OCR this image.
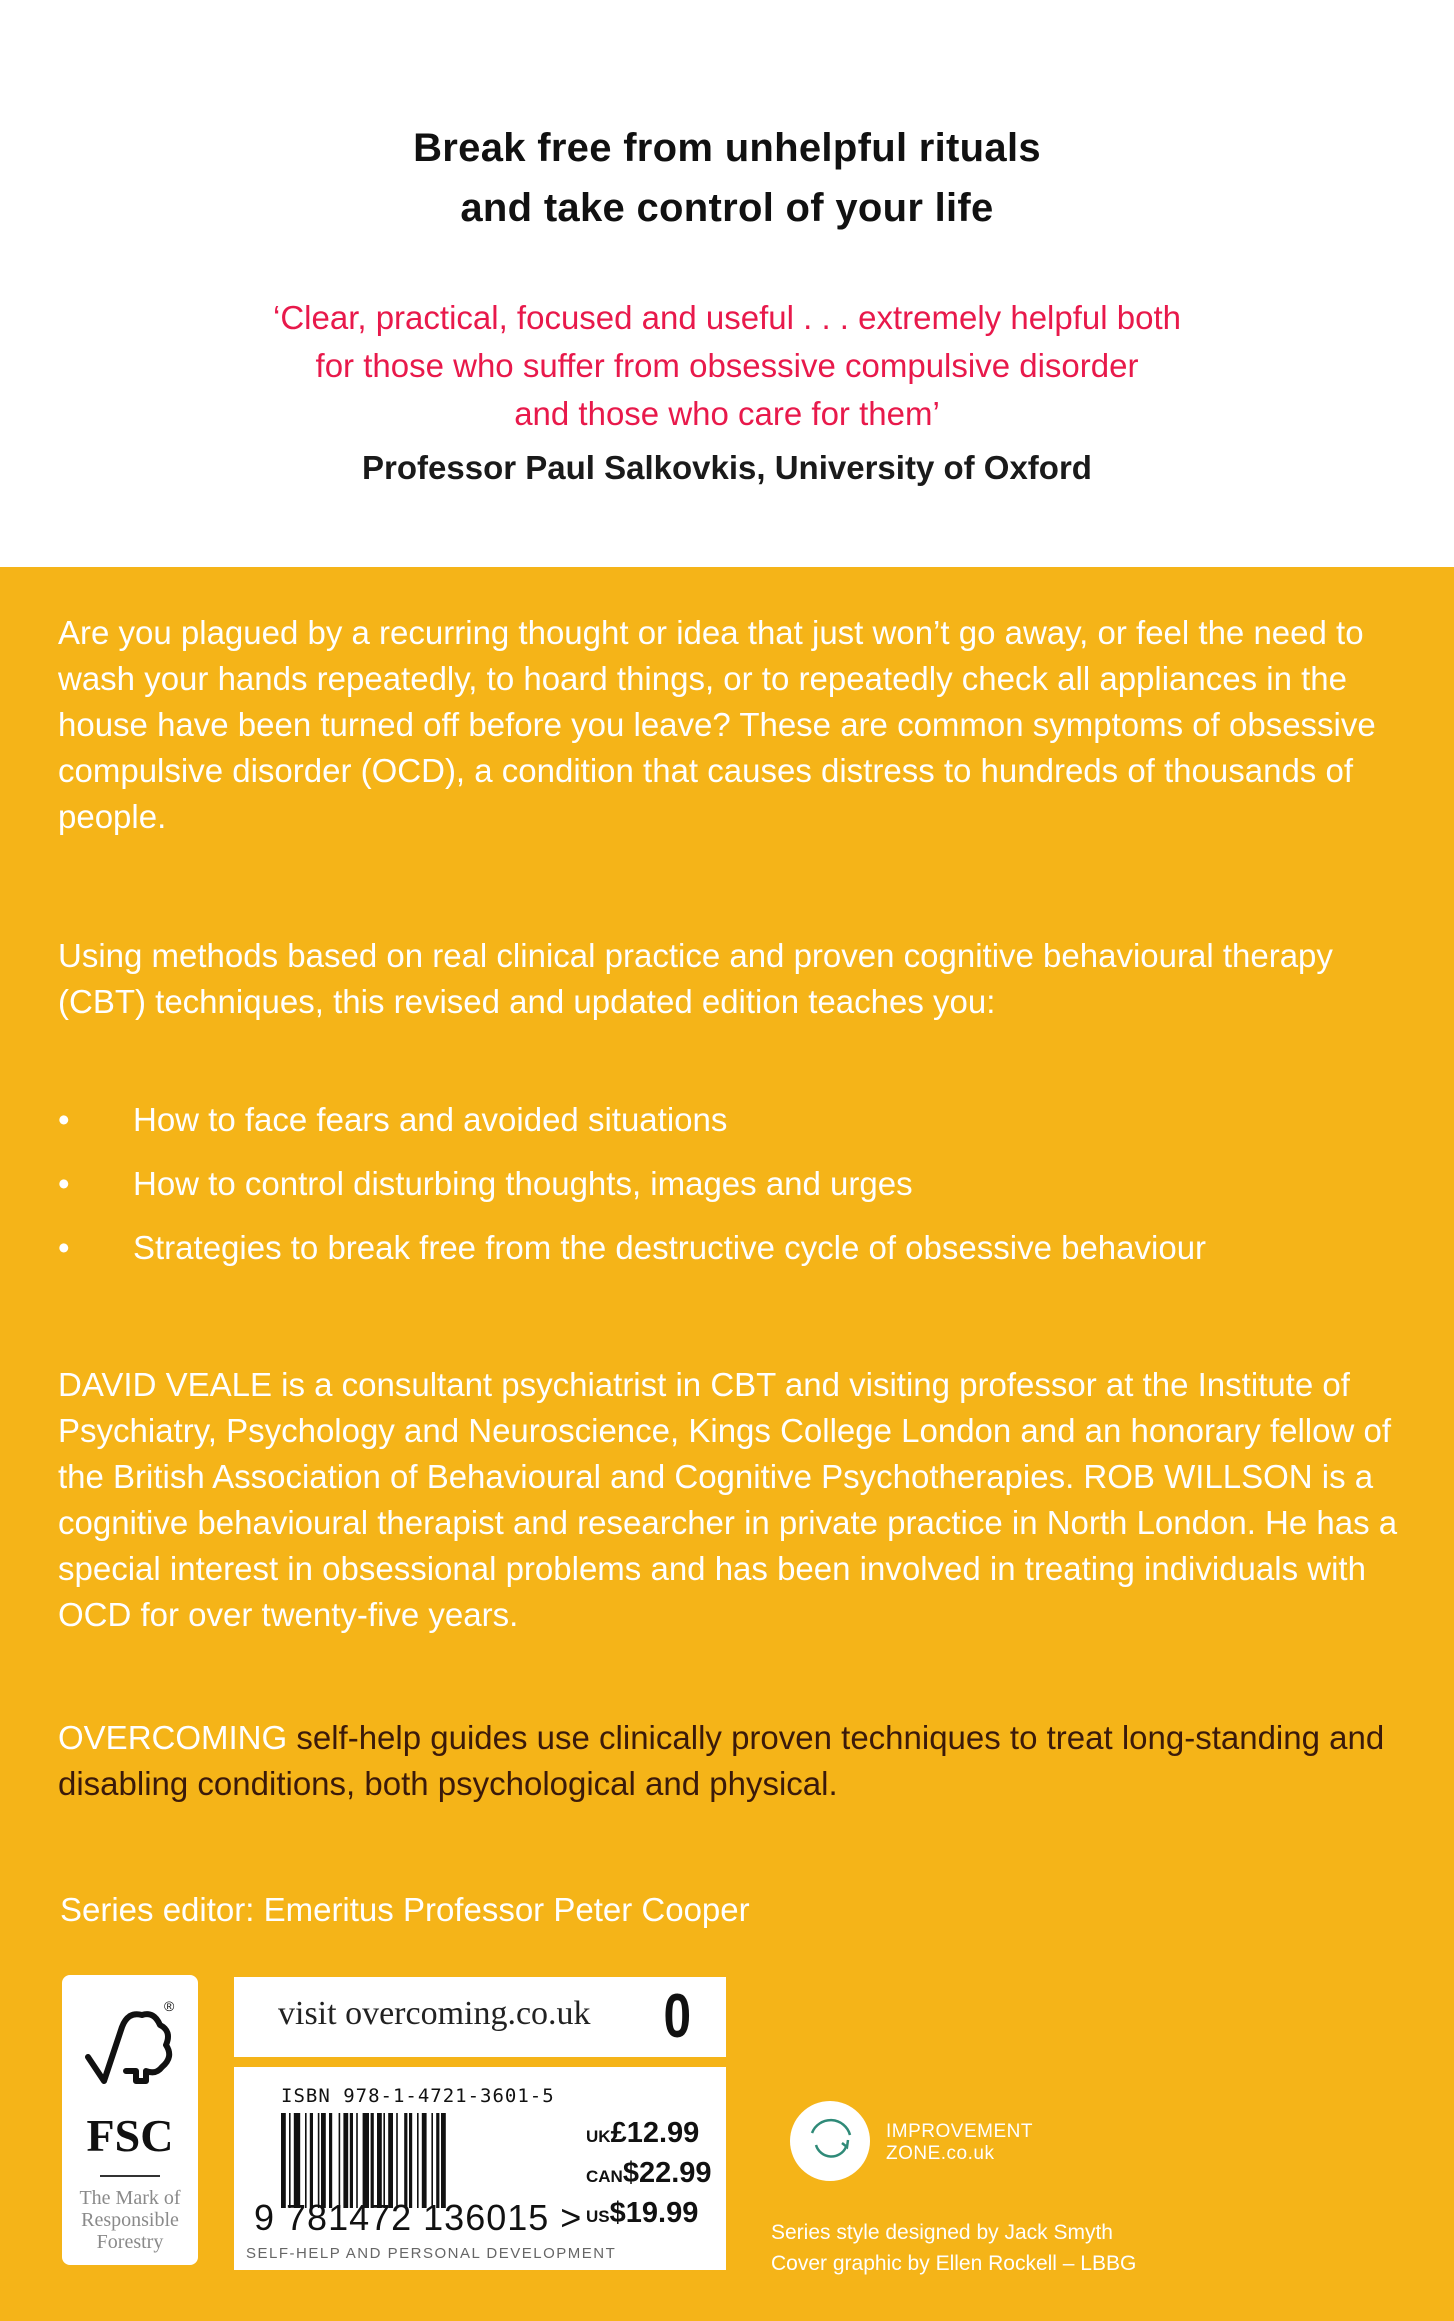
Break free from unhelpful rituals
and take control of your life
‘Clear, practical, focused and useful . . . extremely helpful both
for those who suffer from obsessive compulsive disorder
and those who care for them’
Professor Paul Salkovkis, University of Oxford
Are you plagued by a recurring thought or idea that just won’t go away, or feel the need to wash your hands repeatedly, to hoard things, or to repeatedly check all appliances in the house have been turned off before you leave? These are common symptoms of obsessive compulsive disorder (OCD), a condition that causes distress to hundreds of thousands of people.
Using methods based on real clinical practice and proven cognitive behavioural therapy (CBT) techniques, this revised and updated edition teaches you:
• How to face fears and avoided situations
• How to control disturbing thoughts, images and urges
• Strategies to break free from the destructive cycle of obsessive behaviour
DAVID VEALE is a consultant psychiatrist in CBT and visiting professor at the Institute of Psychiatry, Psychology and Neuroscience, Kings College London and an honorary fellow of the British Association of Behavioural and Cognitive Psychotherapies. ROB WILLSON is a cognitive behavioural therapist and researcher in private practice in North London. He has a special interest in obsessional problems and has been involved in treating individuals with OCD for over twenty-five years.
OVERCOMING self-help guides use clinically proven techniques to treat long-standing and disabling conditions, both psychological and physical.
Series editor: Emeritus Professor Peter Cooper
®
FSC
The Mark of
Responsible
Forestry
visit overcoming.co.uk 0
ISBN 978-1-4721-3601-5
9 781472 136015 >
SELF-HELP AND PERSONAL DEVELOPMENT
UK£12.99
CAN$22.99
US$19.99
IMPROVEMENT
ZONE.co.uk
Series style designed by Jack Smyth
Cover graphic by Ellen Rockell – LBBG
